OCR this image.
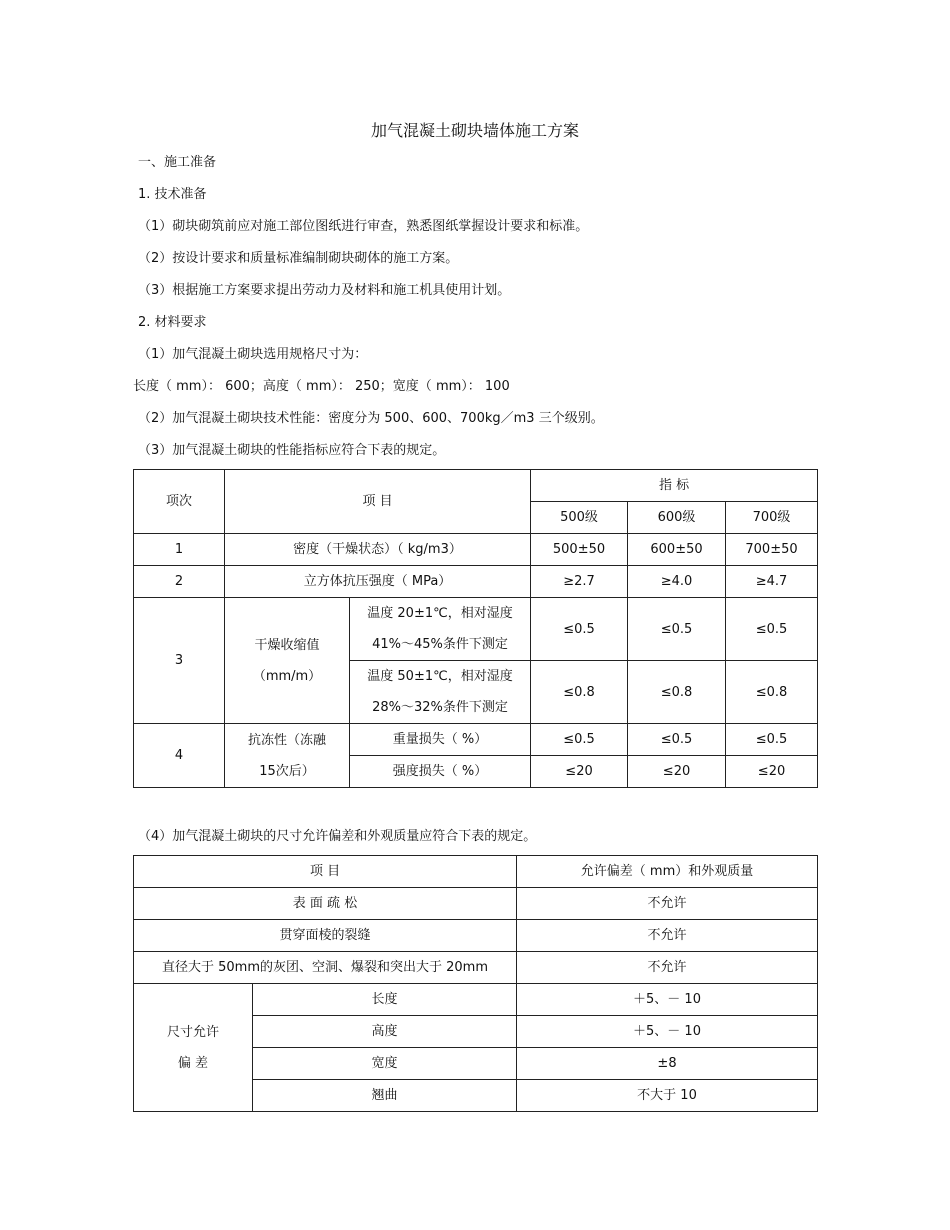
加气混凝土砌块墙体施工方案
一、施工准备
1. 技术准备
（1）砌块砌筑前应对施工部位图纸进行审查，熟悉图纸掌握设计要求和标准。
（2）按设计要求和质量标准编制砌块砌体的施工方案。
（3）根据施工方案要求提出劳动力及材料和施工机具使用计划。
2. 材料要求
（1）加气混凝土砌块选用规格尺寸为：
长度（ mm）： 600；高度（ mm）： 250；宽度（ mm）： 100
（2）加气混凝土砌块技术性能：密度分为 500、600、700kg／m3 三个级别。
（3）加气混凝土砌块的性能指标应符合下表的规定。
项次	项 目		指 标		
			500级	600级	700级
1	密度（干燥状态）（ kg/m3）		500±50	600±50	700±50
2	立方体抗压强度（ MPa）		≥2.7	≥4.0	≥4.7
3	干燥收缩值
（mm/m）	温度 20±1℃，相对湿度
41%～45%条件下测定	≤0.5	≤0.5	≤0.5

		温度 50±1℃，相对湿度
28%～32%条件下测定	≤0.8	≤0.8	≤0.8
4	抗冻性（冻融
15次后）	重量损失（ %）	≤0.5	≤0.5	≤0.5
		强度损失（ %）	≤20	≤20	≤20
（4）加气混凝土砌块的尺寸允许偏差和外观质量应符合下表的规定。
项 目		允许偏差（ mm）和外观质量
表 面 疏 松		不允许
贯穿面棱的裂缝		不允许
直径大于 50mm的灰团、空洞、爆裂和突出大于 20mm		不允许

尺寸允许
偏 差	长度	＋5、－ 10
	高度	＋5、－ 10
	宽度	±8
	翘曲	不大于 10
